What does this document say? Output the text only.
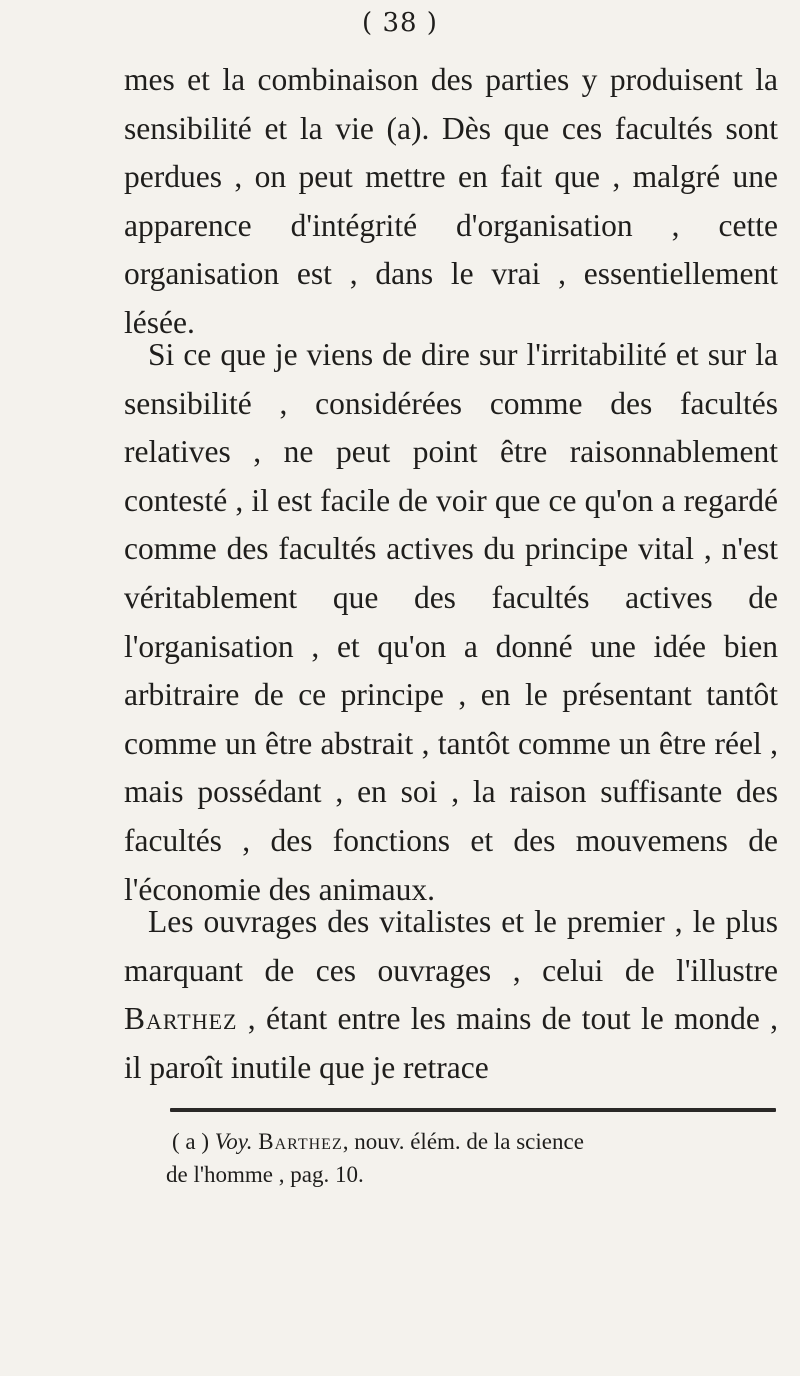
( 38 )
mes et la combinaison des parties y produisent la sensibilité et la vie (a). Dès que ces facultés sont perdues , on peut mettre en fait que , malgré une apparence d'intégrité d'organisation , cette organisation est , dans le vrai , essentiellement lésée.
Si ce que je viens de dire sur l'irritabilité et sur la sensibilité , considérées comme des facultés relatives , ne peut point être raisonnablement contesté , il est facile de voir que ce qu'on a regardé comme des facultés actives du principe vital , n'est véritablement que des facultés actives de l'organisation , et qu'on a donné une idée bien arbitraire de ce principe , en le présentant tantôt comme un être abstrait , tantôt comme un être réel , mais possédant , en soi , la raison suffisante des facultés , des fonctions et des mouvemens de l'économie des animaux.
Les ouvrages des vitalistes et le premier , le plus marquant de ces ouvrages , celui de l'illustre Barthez , étant entre les mains de tout le monde , il paroît inutile que je retrace
( a ) Voy. Barthez, nouv. élém. de la science
de l'homme , pag. 10.
